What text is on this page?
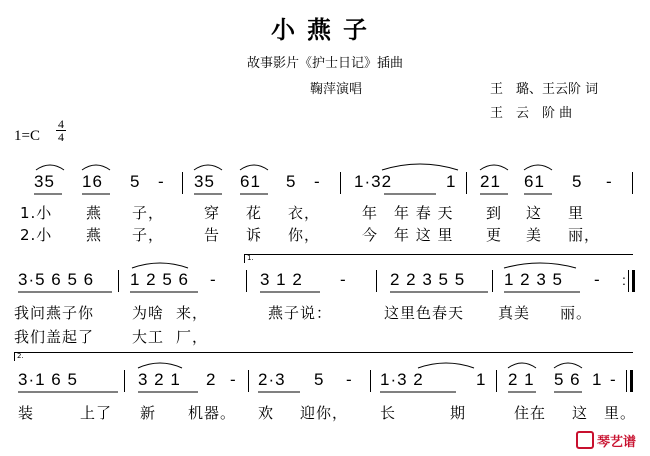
小燕子
故事影片《护士日记》插曲
鞠萍演唱	王　璐、王云阶 词
王　云　阶 曲
1=C
4
4
35 16 5 - 35 61 5 - 1·32	1 21 61 5 -
1.小 燕 子，	穿 花 衣，	年 年 春 天 到 这 里
2.小 燕 子，	告 诉 你，	今 年 这 里 更 美 丽，
1.
3·5 6 5 6 1 2 5 6 -	3 1 2 -	2 2 3 5 5 1 2 3 5 - :
我问燕子你	为啥 来，	燕子说：	这里色春天 真美 丽。
我们盖起了	大工 厂，
2.
3·1 6 5	3 2 1 2 - 2·3 5 - 1·3 2	1 2 1 5 6 1 -
装	上了 新 机器。 欢 迎你， 长	期	住在 这 里。
琴艺谱
